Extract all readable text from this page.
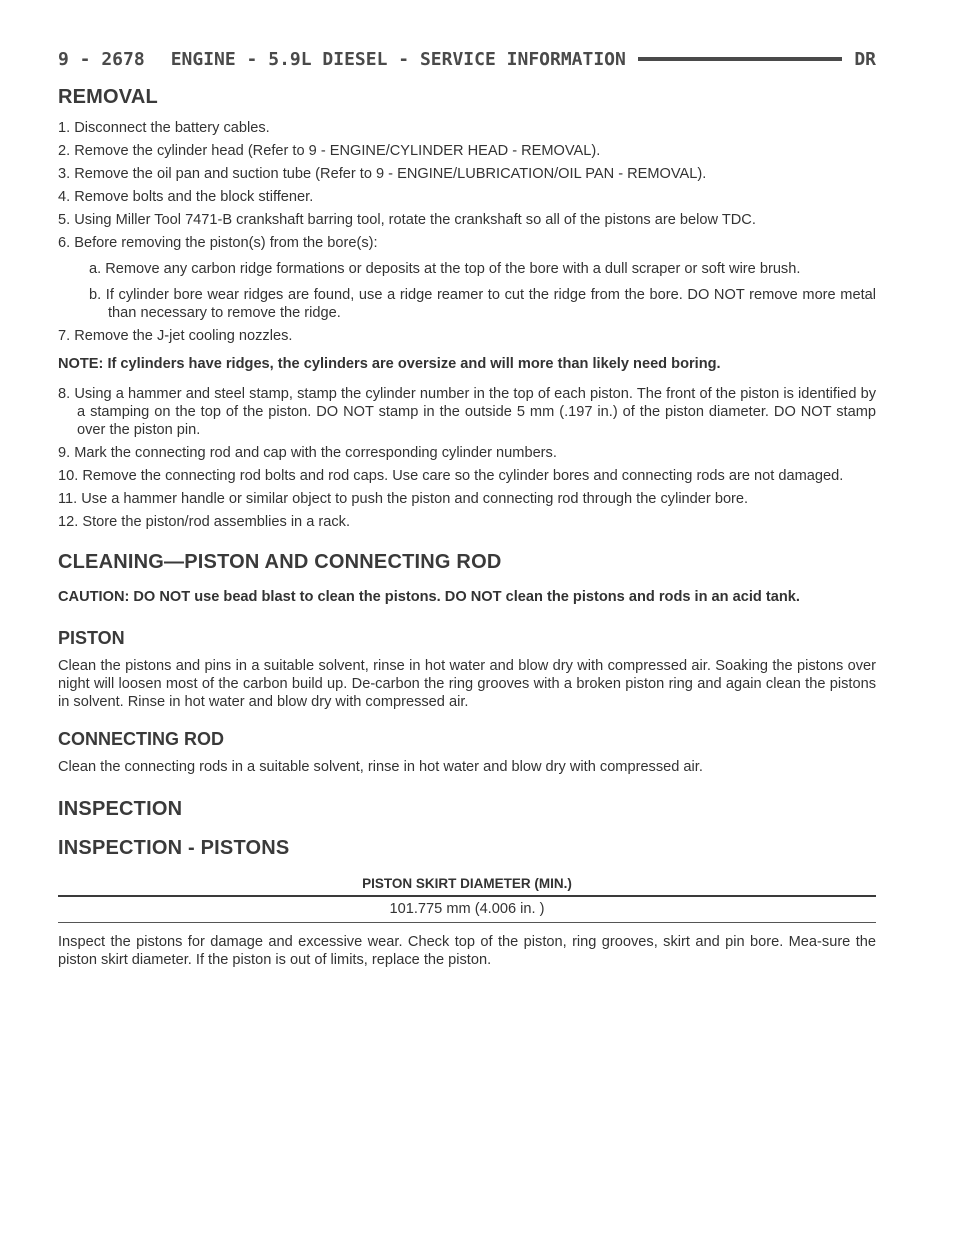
9 - 2678 ENGINE - 5.9L DIESEL - SERVICE INFORMATION	DR
REMOVAL

1. Disconnect the battery cables.

2. Remove the cylinder head (Refer to 9 - ENGINE/CYLINDER HEAD - REMOVAL).

3. Remove the oil pan and suction tube (Refer to 9 - ENGINE/LUBRICATION/OIL PAN - REMOVAL).

4. Remove bolts and the block stiffener.

5. Using Miller Tool 7471-B crankshaft barring tool, rotate the crankshaft so all of the pistons are below TDC.

6. Before removing the piston(s) from the bore(s):

a. Remove any carbon ridge formations or deposits at the top of the bore with a dull scraper or soft wire brush.

b. If cylinder bore wear ridges are found, use a ridge reamer to cut the ridge from the bore. DO NOT remove more metal than necessary to remove the ridge.

7. Remove the J-jet cooling nozzles.

NOTE: If cylinders have ridges, the cylinders are oversize and will more than likely need boring.

8. Using a hammer and steel stamp, stamp the cylinder number in the top of each piston. The front of the piston is identified by a stamping on the top of the piston. DO NOT stamp in the outside 5 mm (.197 in.) of the piston diameter. DO NOT stamp over the piston pin.

9. Mark the connecting rod and cap with the corresponding cylinder numbers.

10. Remove the connecting rod bolts and rod caps. Use care so the cylinder bores and connecting rods are not damaged.

11. Use a hammer handle or similar object to push the piston and connecting rod through the cylinder bore.

12. Store the piston/rod assemblies in a rack.

CLEANING—PISTON AND CONNECTING ROD

CAUTION: DO NOT use bead blast to clean the pistons. DO NOT clean the pistons and rods in an acid tank.

PISTON

Clean the pistons and pins in a suitable solvent, rinse in hot water and blow dry with compressed air. Soaking the pistons over night will loosen most of the carbon build up. De-carbon the ring grooves with a broken piston ring and again clean the pistons in solvent. Rinse in hot water and blow dry with compressed air.

CONNECTING ROD

Clean the connecting rods in a suitable solvent, rinse in hot water and blow dry with compressed air.

INSPECTION
INSPECTION - PISTONS
PISTON SKIRT DIAMETER (MIN.)
101.775 mm (4.006 in. )

Inspect the pistons for damage and excessive wear. Check top of the piston, ring grooves, skirt and pin bore. Mea-sure the piston skirt diameter. If the piston is out of limits, replace the piston.
